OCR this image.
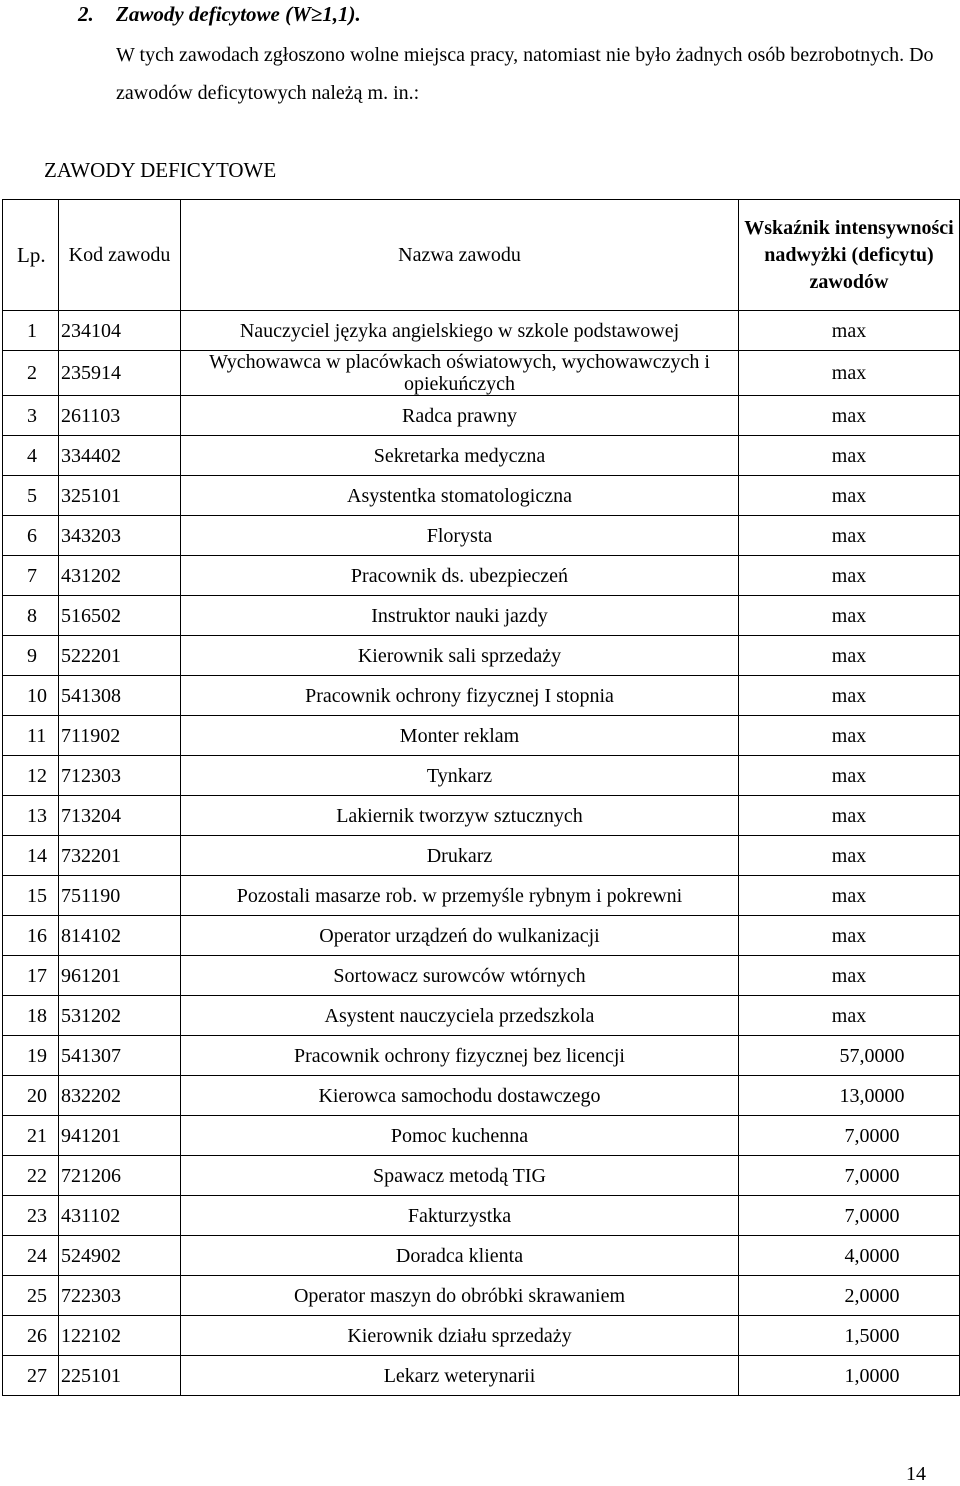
2. Zawody deficytowe (W≥1,1).
W tych zawodach zgłoszono wolne miejsca pracy, natomiast nie było żadnych osób bezrobotnych. Do zawodów deficytowych należą m. in.:
ZAWODY DEFICYTOWE
Lp.	Kod zawodu	Nazwa zawodu	Wskaźnik intensywności nadwyżki (deficytu) zawodów
1	234104	Nauczyciel języka angielskiego w szkole podstawowej	max
2	235914	Wychowawca w placówkach oświatowych, wychowawczych i opiekuńczych	max
3	261103	Radca prawny	max
4	334402	Sekretarka medyczna	max
5	325101	Asystentka stomatologiczna	max
6	343203	Florysta	max
7	431202	Pracownik ds. ubezpieczeń	max
8	516502	Instruktor nauki jazdy	max
9	522201	Kierownik sali sprzedaży	max
10	541308	Pracownik ochrony fizycznej I stopnia	max
11	711902	Monter reklam	max
12	712303	Tynkarz	max
13	713204	Lakiernik tworzyw sztucznych	max
14	732201	Drukarz	max
15	751190	Pozostali masarze rob. w przemyśle rybnym i pokrewni	max
16	814102	Operator urządzeń do wulkanizacji	max
17	961201	Sortowacz surowców wtórnych	max
18	531202	Asystent nauczyciela przedszkola	max
19	541307	Pracownik ochrony fizycznej bez licencji	57,0000
20	832202	Kierowca samochodu dostawczego	13,0000
21	941201	Pomoc kuchenna	7,0000
22	721206	Spawacz metodą TIG	7,0000
23	431102	Fakturzystka	7,0000
24	524902	Doradca klienta	4,0000
25	722303	Operator maszyn do obróbki skrawaniem	2,0000
26	122102	Kierownik działu sprzedaży	1,5000
27	225101	Lekarz weterynarii	1,0000
14
